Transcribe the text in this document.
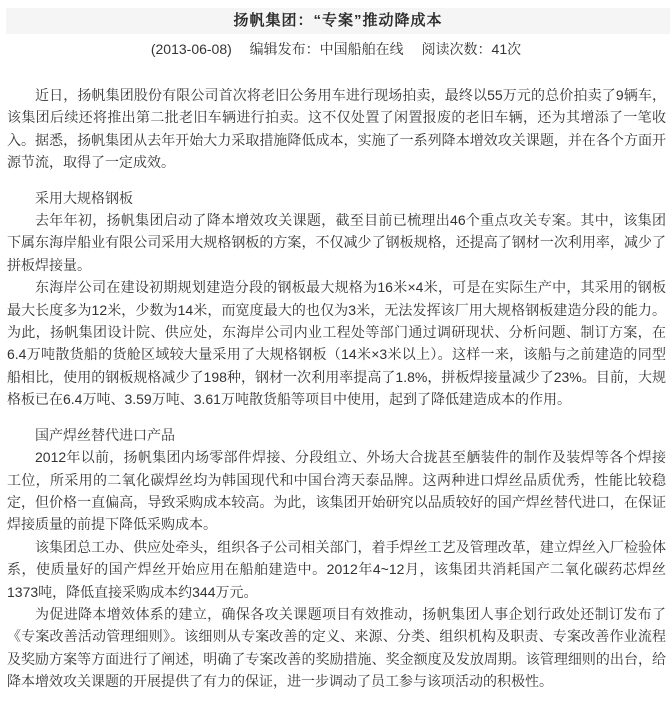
扬帆集团：“专案”推动降成本
(2013-06-08) 编辑发布：中国船舶在线 阅读次数：41次

近日，扬帆集团股份有限公司首次将老旧公务用车进行现场拍卖，最终以55万元的总价拍卖了9辆车，该集团后续还将推出第二批老旧车辆进行拍卖。这不仅处置了闲置报废的老旧车辆，还为其增添了一笔收入。据悉，扬帆集团从去年开始大力采取措施降低成本，实施了一系列降本增效攻关课题，并在各个方面开源节流，取得了一定成效。

采用大规格钢板

去年年初，扬帆集团启动了降本增效攻关课题，截至目前已梳理出46个重点攻关专案。其中，该集团下属东海岸船业有限公司采用大规格钢板的方案，不仅减少了钢板规格，还提高了钢材一次利用率，减少了拼板焊接量。

东海岸公司在建设初期规划建造分段的钢板最大规格为16米×4米，可是在实际生产中，其采用的钢板最大长度多为12米，少数为14米，而宽度最大的也仅为3米，无法发挥该厂用大规格钢板建造分段的能力。为此，扬帆集团设计院、供应处，东海岸公司内业工程处等部门通过调研现状、分析问题、制订方案，在6.4万吨散货船的货舱区域较大量采用了大规格钢板（14米×3米以上）。这样一来，该船与之前建造的同型船相比，使用的钢板规格减少了198种，钢材一次利用率提高了1.8%，拼板焊接量减少了23%。目前，大规格板已在6.4万吨、3.59万吨、3.61万吨散货船等项目中使用，起到了降低建造成本的作用。

国产焊丝替代进口产品

2012年以前，扬帆集团内场零部件焊接、分段组立、外场大合拢甚至舾装件的制作及装焊等各个焊接工位，所采用的二氧化碳焊丝均为韩国现代和中国台湾天泰品牌。这两种进口焊丝品质优秀，性能比较稳定，但价格一直偏高，导致采购成本较高。为此，该集团开始研究以品质较好的国产焊丝替代进口，在保证焊接质量的前提下降低采购成本。

该集团总工办、供应处牵头，组织各子公司相关部门，着手焊丝工艺及管理改革，建立焊丝入厂检验体系，使质量好的国产焊丝开始应用在船舶建造中。2012年4~12月，该集团共消耗国产二氧化碳药芯焊丝1373吨，降低直接采购成本约344万元。

为促进降本增效体系的建立，确保各攻关课题项目有效推动，扬帆集团人事企划行政处还制订发布了《专案改善活动管理细则》。该细则从专案改善的定义、来源、分类、组织机构及职责、专案改善作业流程及奖励方案等方面进行了阐述，明确了专案改善的奖励措施、奖金额度及发放周期。该管理细则的出台，给降本增效攻关课题的开展提供了有力的保证，进一步调动了员工参与该项活动的积极性。
